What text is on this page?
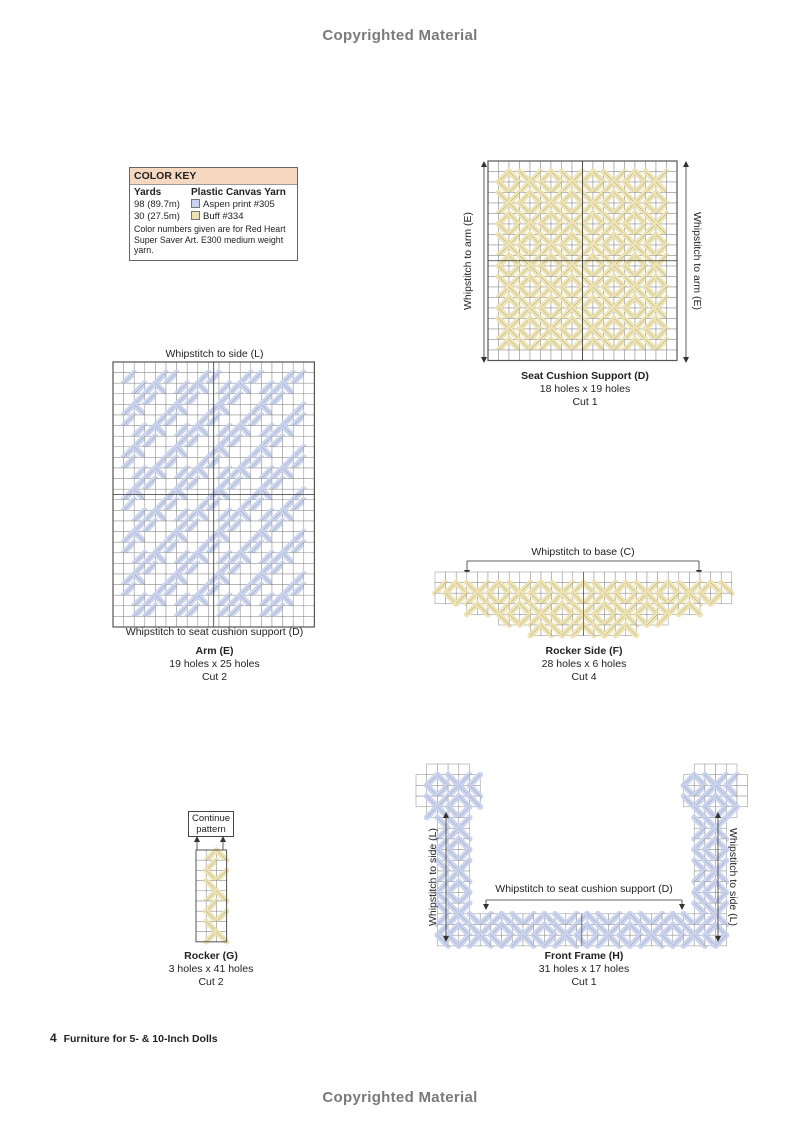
Copyrighted Material
COLOR KEY
Yards	Plastic Canvas Yarn
98 (89.7m)	Aspen print #305
30 (27.5m)	Buff #334
Color numbers given are for Red Heart Super Saver Art. E300 medium weight yarn.	Whipstitch to arm (E)	Whipstitch to arm (E)
Seat Cushion Support (D)
18 holes x 19 holes
Cut 1
Whipstitch to side (L)
Whipstitch to seat cushion support (D)
Arm (E)
19 holes x 25 holes
Cut 2
Whipstitch to base (C)
Rocker Side (F)
28 holes x 6 holes
Cut 4
Continue pattern
Rocker (G)
3 holes x 41 holes
Cut 2
Whipstitch to seat cushion support (D)
Whipstitch to side (L)	Whipstitch to side (L)
Front Frame (H)
31 holes x 17 holes
Cut 1
4 Furniture for 5- & 10-Inch Dolls
Copyrighted Material
